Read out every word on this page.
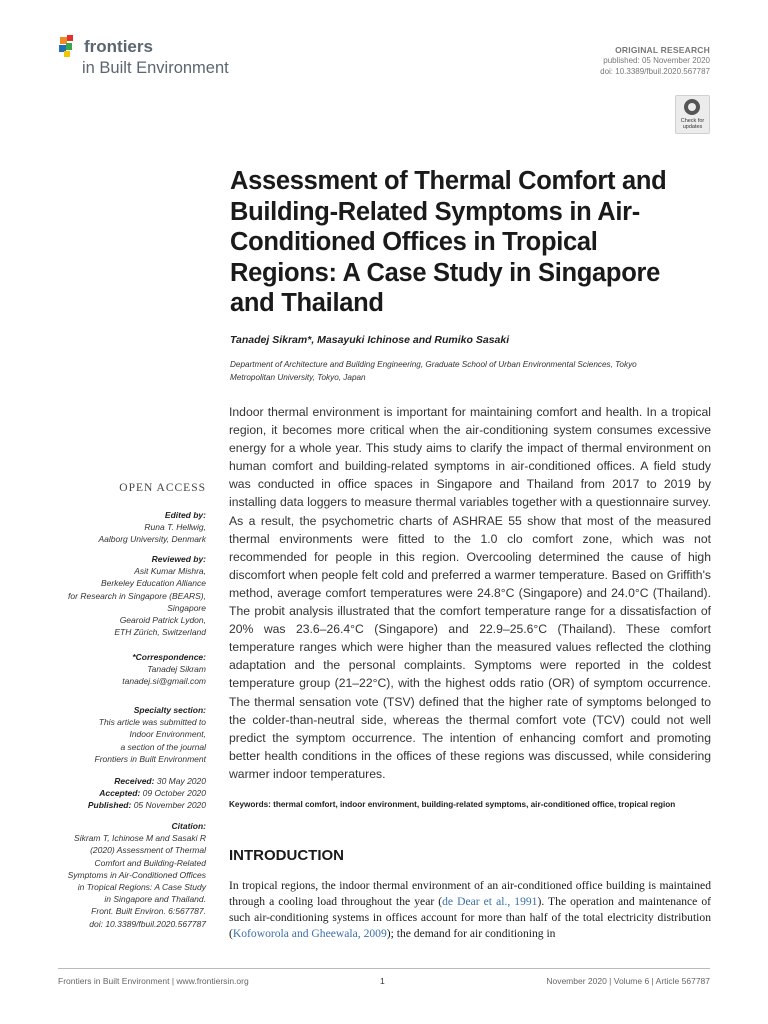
frontiers
in Built Environment
ORIGINAL RESEARCH
published: 05 November 2020
doi: 10.3389/fbuil.2020.567787
Check for updates
OPEN ACCESS
Edited by:
Runa T. Hellwig,
Aalborg University, Denmark
Reviewed by:
Asit Kumar Mishra,
Berkeley Education Alliance
for Research in Singapore (BEARS),
Singapore
Gearoid Patrick Lydon,
ETH Zürich, Switzerland
*Correspondence:
Tanadej Sikram
tanadej.si@gmail.com
Specialty section:
This article was submitted to
Indoor Environment,
a section of the journal
Frontiers in Built Environment
Received: 30 May 2020
Accepted: 09 October 2020
Published: 05 November 2020
Citation:
Sikram T, Ichinose M and Sasaki R
(2020) Assessment of Thermal
Comfort and Building-Related
Symptoms in Air-Conditioned Offices
in Tropical Regions: A Case Study
in Singapore and Thailand.
Front. Built Environ. 6:567787.
doi: 10.3389/fbuil.2020.567787
Assessment of Thermal Comfort and Building-Related Symptoms in Air-Conditioned Offices in Tropical Regions: A Case Study in Singapore and Thailand
Tanadej Sikram*, Masayuki Ichinose and Rumiko Sasaki
Department of Architecture and Building Engineering, Graduate School of Urban Environmental Sciences, Tokyo Metropolitan University, Tokyo, Japan

Indoor thermal environment is important for maintaining comfort and health. In a tropical region, it becomes more critical when the air-conditioning system consumes excessive energy for a whole year. This study aims to clarify the impact of thermal environment on human comfort and building-related symptoms in air-conditioned offices. A field study was conducted in office spaces in Singapore and Thailand from 2017 to 2019 by installing data loggers to measure thermal variables together with a questionnaire survey. As a result, the psychometric charts of ASHRAE 55 show that most of the measured thermal environments were fitted to the 1.0 clo comfort zone, which was not recommended for people in this region. Overcooling determined the cause of high discomfort when people felt cold and preferred a warmer temperature. Based on Griffith's method, average comfort temperatures were 24.8°C (Singapore) and 24.0°C (Thailand). The probit analysis illustrated that the comfort temperature range for a dissatisfaction of 20% was 23.6–26.4°C (Singapore) and 22.9–25.6°C (Thailand). These comfort temperature ranges which were higher than the measured values reflected the clothing adaptation and the personal complaints. Symptoms were reported in the coldest temperature group (21–22°C), with the highest odds ratio (OR) of symptom occurrence. The thermal sensation vote (TSV) defined that the higher rate of symptoms belonged to the colder-than-neutral side, whereas the thermal comfort vote (TCV) could not well predict the symptom occurrence. The intention of enhancing comfort and promoting better health conditions in the offices of these regions was discussed, while considering warmer indoor temperatures.

Keywords: thermal comfort, indoor environment, building-related symptoms, air-conditioned office, tropical region
INTRODUCTION

In tropical regions, the indoor thermal environment of an air-conditioned office building is maintained through a cooling load throughout the year (de Dear et al., 1991). The operation and maintenance of such air-conditioning systems in offices account for more than half of the total electricity distribution (Kofoworola and Gheewala, 2009); the demand for air conditioning in

Frontiers in Built Environment | www.frontiersin.org	1	November 2020 | Volume 6 | Article 567787
